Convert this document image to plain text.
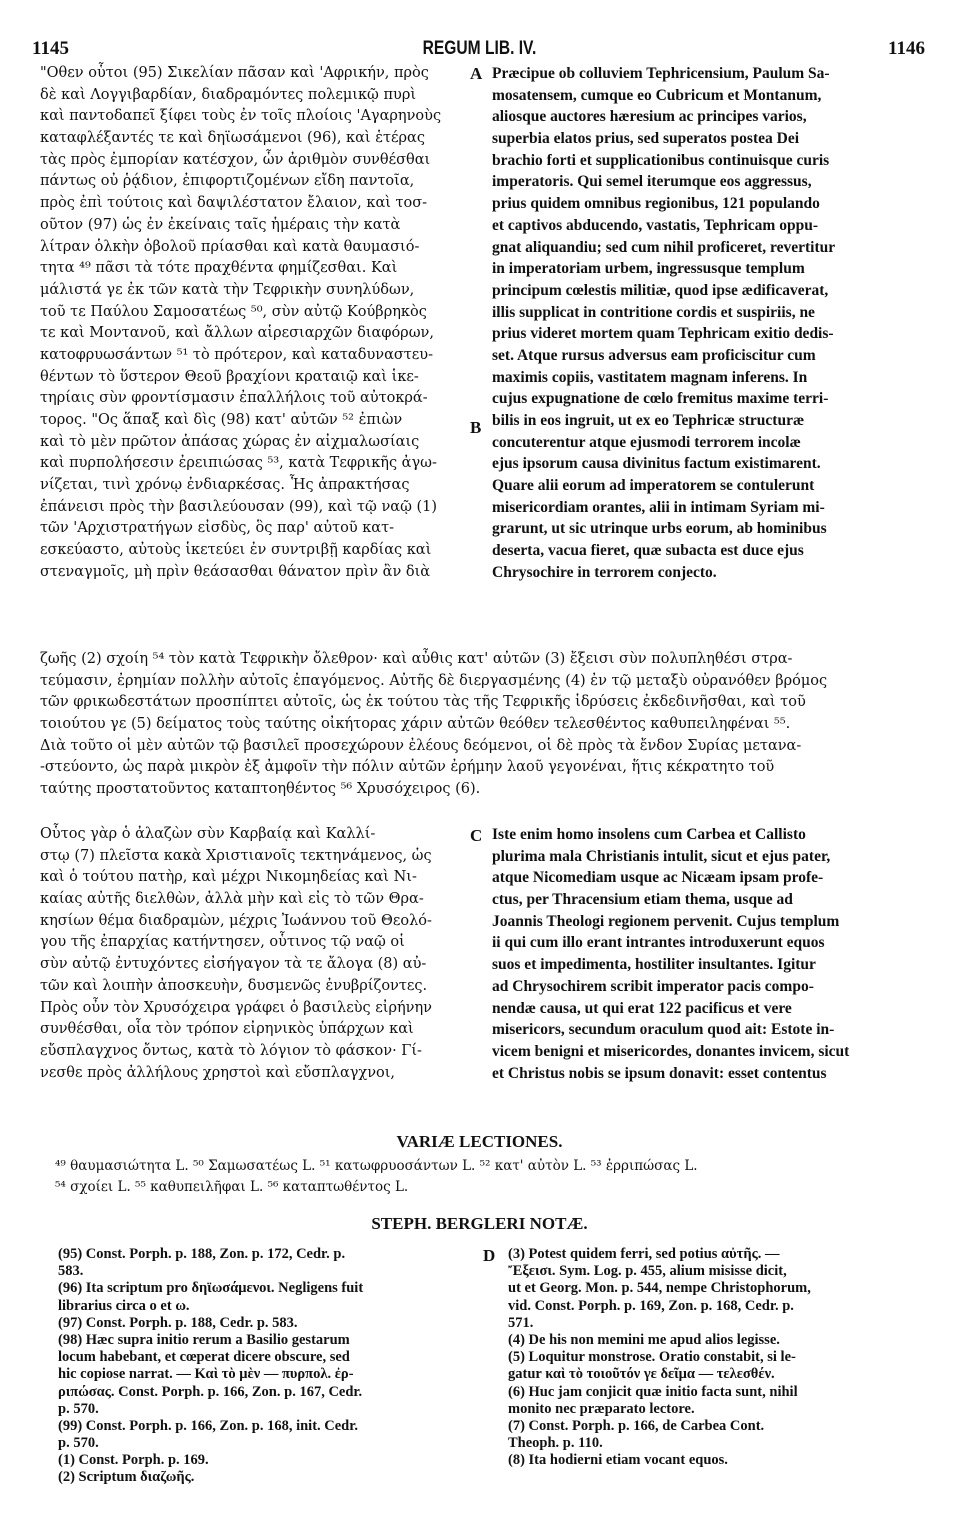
1145	REGUM LIB. IV.	1146
"Οθεν οὗτοι (95) Σικελίαν πᾶσαν καὶ 'Αφρικήν, πρὸς
δὲ καὶ Λογγιβαρδίαν, διαδραμόντες πολεμικῷ πυρὶ
καὶ παντοδαπεῖ ξίφει τοὺς ἐν τοῖς πλοίοις 'Αγαρηνοὺς
καταφλέξαντές τε καὶ δηϊωσάμενοι (96), καὶ ἑτέρας
τὰς πρὸς ἐμπορίαν κατέσχον, ὧν ἀριθμὸν συνθέσθαι
πάντως οὐ ῥᾴδιον, ἐπιφορτιζομένων εἴδη παντοῖα,
πρὸς ἐπὶ τούτοις καὶ δαψιλέστατον ἔλαιον, καὶ τοσ-
οῦτον (97) ὡς ἐν ἐκείναις ταῖς ἡμέραις τὴν κατὰ
λίτραν ὁλκὴν ὀβολοῦ πρίασθαι καὶ κατὰ θαυμασιό-
τητα ⁴⁹ πᾶσι τὰ τότε πραχθέντα φημίζεσθαι. Καὶ
μάλιστά γε ἐκ τῶν κατὰ τὴν Τεφρικὴν συνηλύδων,
τοῦ τε Παύλου Σαμοσατέως ⁵⁰, σὺν αὐτῷ Κούβρηκὸς
τε καὶ Μοντανοῦ, καὶ ἄλλων αἱρεσιαρχῶν διαφόρων,
κατοφρυωσάντων ⁵¹ τὸ πρότερον, καὶ καταδυναστευ-
θέντων τὸ ὕστερον Θεοῦ βραχίονι κραταιῷ καὶ ἱκε-
τηρίαις σὺν φροντίσμασιν ἐπαλλήλοις τοῦ αὐτοκρά-
τορος. "Ος ἅπαξ καὶ δὶς (98) κατ' αὐτῶν ⁵² ἐπιὼν
καὶ τὸ μὲν πρῶτον ἁπάσας χώρας ἐν αἰχμαλωσίαις
καὶ πυρπολήσεσιν ἐρειπιώσας ⁵³, κατὰ Τεφρικῆς ἀγω-
νίζεται, τινὶ χρόνῳ ἐνδιαρκέσας. Ἧς ἀπρακτήσας
ἐπάνεισι πρὸς τὴν βασιλεύουσαν (99), καὶ τῷ ναῷ (1)
τῶν 'Αρχιστρατήγων εἰσδὺς, ὃς παρ' αὐτοῦ κατ-
εσκεύαστο, αὐτοὺς ἱκετεύει ἐν συντριβῇ καρδίας καὶ
στεναγμοῖς, μὴ πρὶν θεάσασθαι θάνατον πρὶν ἂν διὰ
Præcipue ob colluviem Tephricensium, Paulum Sa-
mosatensem, cumque eo Cubricum et Montanum,
aliosque auctores hæresium ac principes varios,
superbia elatos prius, sed superatos postea Dei
brachio forti et supplicationibus continuisque curis
imperatoris. Qui semel iterumque eos aggressus,
prius quidem omnibus regionibus, 121 populando
et captivos abducendo, vastatis, Tephricam oppu-
gnat aliquandiu; sed cum nihil proficeret, revertitur
in imperatoriam urbem, ingressusque templum
principum cœlestis militiæ, quod ipse ædificaverat,
illis supplicat in contritione cordis et suspiriis, ne
prius videret mortem quam Tephricam exitio dedis-
set. Atque rursus adversus eam proficiscitur cum
maximis copiis, vastitatem magnam inferens. In
cujus expugnatione de cœlo fremitus maxime terri-
bilis in eos ingruit, ut ex eo Tephricæ structuræ
concuterentur atque ejusmodi terrorem incolæ
ejus ipsorum causa divinitus factum existimarent.
Quare alii eorum ad imperatorem se contulerunt
misericordiam orantes, alii in intimam Syriam mi-
grarunt, ut sic utrinque urbs eorum, ab hominibus
deserta, vacua fieret, quæ subacta est duce ejus
Chrysochire in terrorem conjecto.
A
B
ζωῆς (2) σχοίη ⁵⁴ τὸν κατὰ Τεφρικὴν ὄλεθρον· καὶ αὖθις κατ' αὐτῶν (3) ἔξεισι σὺν πολυπληθέσι στρα-
τεύμασιν, ἐρημίαν πολλὴν αὐτοῖς ἐπαγόμενος. Αὐτῆς δὲ διεργασμένης (4) ἐν τῷ μεταξὺ οὐρανόθεν βρόμος
τῶν φρικωδεστάτων προσπίπτει αὐτοῖς, ὡς ἐκ τούτου τὰς τῆς Τεφρικῆς ἱδρύσεις ἐκδεδινῆσθαι, καὶ τοῦ
τοιούτου γε (5) δείματος τοὺς ταύτης οἰκήτορας χάριν αὐτῶν θεόθεν τελεσθέντος καθυπειληφέναι ⁵⁵.
Διὰ τοῦτο οἱ μὲν αὐτῶν τῷ βασιλεῖ προσεχώρουν ἐλέους δεόμενοι, οἱ δὲ πρὸς τὰ ἔνδον Συρίας μετανα-
-στεύοντο, ὡς παρὰ μικρὸν ἐξ ἀμφοῖν τὴν πόλιν αὐτῶν ἐρήμην λαοῦ γεγονέναι, ἥτις κέκρατητο τοῦ
ταύτης προστατοῦντος καταπτοηθέντος ⁵⁶ Χρυσόχειρος (6).
Οὗτος γὰρ ὁ ἀλαζὼν σὺν Καρβαίᾳ καὶ Καλλί-
στῳ (7) πλεῖστα κακὰ Χριστιανοῖς τεκτηνάμενος, ὡς
καὶ ὁ τούτου πατὴρ, καὶ μέχρι Νικομηδείας καὶ Νι-
καίας αὐτῆς διελθὼν, ἀλλὰ μὴν καὶ εἰς τὸ τῶν Θρα-
κησίων θέμα διαδραμὼν, μέχρις Ἰωάννου τοῦ Θεολό-
γου τῆς ἐπαρχίας κατήντησεν, οὗτινος τῷ ναῷ οἱ
σὺν αὐτῷ ἐντυχόντες εἰσήγαγον τὰ τε ἄλογα (8) αὐ-
τῶν καὶ λοιπὴν ἀποσκευὴν, δυσμενῶς ἐνυβρίζοντες.
Πρὸς οὖν τὸν Χρυσόχειρα γράφει ὁ βασιλεὺς εἰρήνην
συνθέσθαι, οἷα τὸν τρόπον εἰρηνικὸς ὑπάρχων καὶ
εὔσπλαγχνος ὄντως, κατὰ τὸ λόγιον τὸ φάσκον· Γί-
νεσθε πρὸς ἀλλήλους χρηστοὶ καὶ εὔσπλαγχνοι,
Iste enim homo insolens cum Carbea et Callisto
plurima mala Christianis intulit, sicut et ejus pater,
atque Nicomediam usque ac Nicæam ipsam profe-
ctus, per Thracensium etiam thema, usque ad
Joannis Theologi regionem pervenit. Cujus templum
ii qui cum illo erant intrantes introduxerunt equos
suos et impedimenta, hostiliter insultantes. Igitur
ad Chrysochirem scribit imperator pacis compo-
nendæ causa, ut qui erat 122 pacificus et vere
misericors, secundum oraculum quod ait: Estote in-
vicem benigni et misericordes, donantes invicem, sicut
et Christus nobis se ipsum donavit: esset contentus
C
D
VARIÆ LECTIONES.
⁴⁹ θαυμασιώτητα L. ⁵⁰ Σαμωσατέως L. ⁵¹ κατωφρυοσάντων L. ⁵² κατ' αὐτὸν L. ⁵³ ἐρριπώσας L.
⁵⁴ σχοίει L. ⁵⁵ καθυπειλῆφαι L. ⁵⁶ καταπτωθέντος L.
STEPH. BERGLERI NOTÆ.
(95) Const. Porph. p. 188, Zon. p. 172, Cedr. p.
583.
(96) Ita scriptum pro δηϊωσάμενοι. Negligens fuit
librarius circa o et ω.
(97) Const. Porph. p. 188, Cedr. p. 583.
(98) Hæc supra initio rerum a Basilio gestarum
locum habebant, et cœperat dicere obscure, sed
hic copiose narrat. — Καὶ τὸ μὲν — πυρπολ. ἐρ-
ριπώσας. Const. Porph. p. 166, Zon. p. 167, Cedr.
p. 570.
(99) Const. Porph. p. 166, Zon. p. 168, init. Cedr.
p. 570.
(1) Const. Porph. p. 169.
(2) Scriptum διαζωῆς.
(3) Potest quidem ferri, sed potius αὐτῆς. —
Ἔξεισι. Sym. Log. p. 455, alium misisse dicit,
ut et Georg. Mon. p. 544, nempe Christophorum,
vid. Const. Porph. p. 169, Zon. p. 168, Cedr. p.
571.
(4) De his non memini me apud alios legisse.
(5) Loquitur monstrose. Oratio constabit, si le-
gatur καὶ τὸ τοιοῦτόν γε δεῖμα — τελεσθέν.
(6) Huc jam conjicit quæ initio facta sunt, nihil
monito nec præparato lectore.
(7) Const. Porph. p. 166, de Carbea Cont.
Theoph. p. 110.
(8) Ita hodierni etiam vocant equos.
